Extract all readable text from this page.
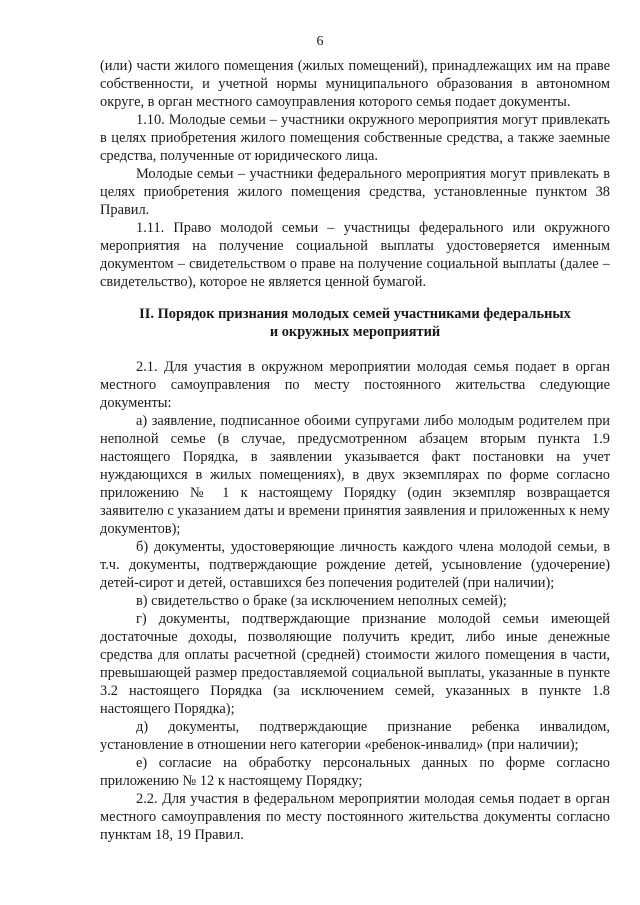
6

(или) части жилого помещения (жилых помещений), принадлежащих им на праве собственности, и учетной нормы муниципального образования в автономном округе, в орган местного самоуправления которого семья подает документы.

1.10. Молодые семьи – участники окружного мероприятия могут привлекать в целях приобретения жилого помещения собственные средства, а также заемные средства, полученные от юридического лица.

Молодые семьи – участники федерального мероприятия могут привлекать в целях приобретения жилого помещения средства, установленные пунктом 38 Правил.

1.11. Право молодой семьи – участницы федерального или окружного мероприятия на получение социальной выплаты удостоверяется именным документом – свидетельством о праве на получение социальной выплаты (далее – свидетельство), которое не является ценной бумагой.

II. Порядок признания молодых семей участниками федеральных
и окружных мероприятий

2.1. Для участия в окружном мероприятии молодая семья подает в орган местного самоуправления по месту постоянного жительства следующие документы:

а) заявление, подписанное обоими супругами либо молодым родителем при неполной семье (в случае, предусмотренном абзацем вторым пункта 1.9 настоящего Порядка, в заявлении указывается факт постановки на учет нуждающихся в жилых помещениях), в двух экземплярах по форме согласно приложению № 1 к настоящему Порядку (один экземпляр возвращается заявителю с указанием даты и времени принятия заявления и приложенных к нему документов);

б) документы, удостоверяющие личность каждого члена молодой семьи, в т.ч. документы, подтверждающие рождение детей, усыновление (удочерение) детей-сирот и детей, оставшихся без попечения родителей (при наличии);

в) свидетельство о браке (за исключением неполных семей);

г) документы, подтверждающие признание молодой семьи имеющей достаточные доходы, позволяющие получить кредит, либо иные денежные средства для оплаты расчетной (средней) стоимости жилого помещения в части, превышающей размер предоставляемой социальной выплаты, указанные в пункте 3.2 настоящего Порядка (за исключением семей, указанных в пункте 1.8 настоящего Порядка);

д) документы, подтверждающие признание ребенка инвалидом, установление в отношении него категории «ребенок-инвалид» (при наличии);

е) согласие на обработку персональных данных по форме согласно приложению № 12 к настоящему Порядку;

2.2. Для участия в федеральном мероприятии молодая семья подает в орган местного самоуправления по месту постоянного жительства документы согласно пунктам 18, 19 Правил.
